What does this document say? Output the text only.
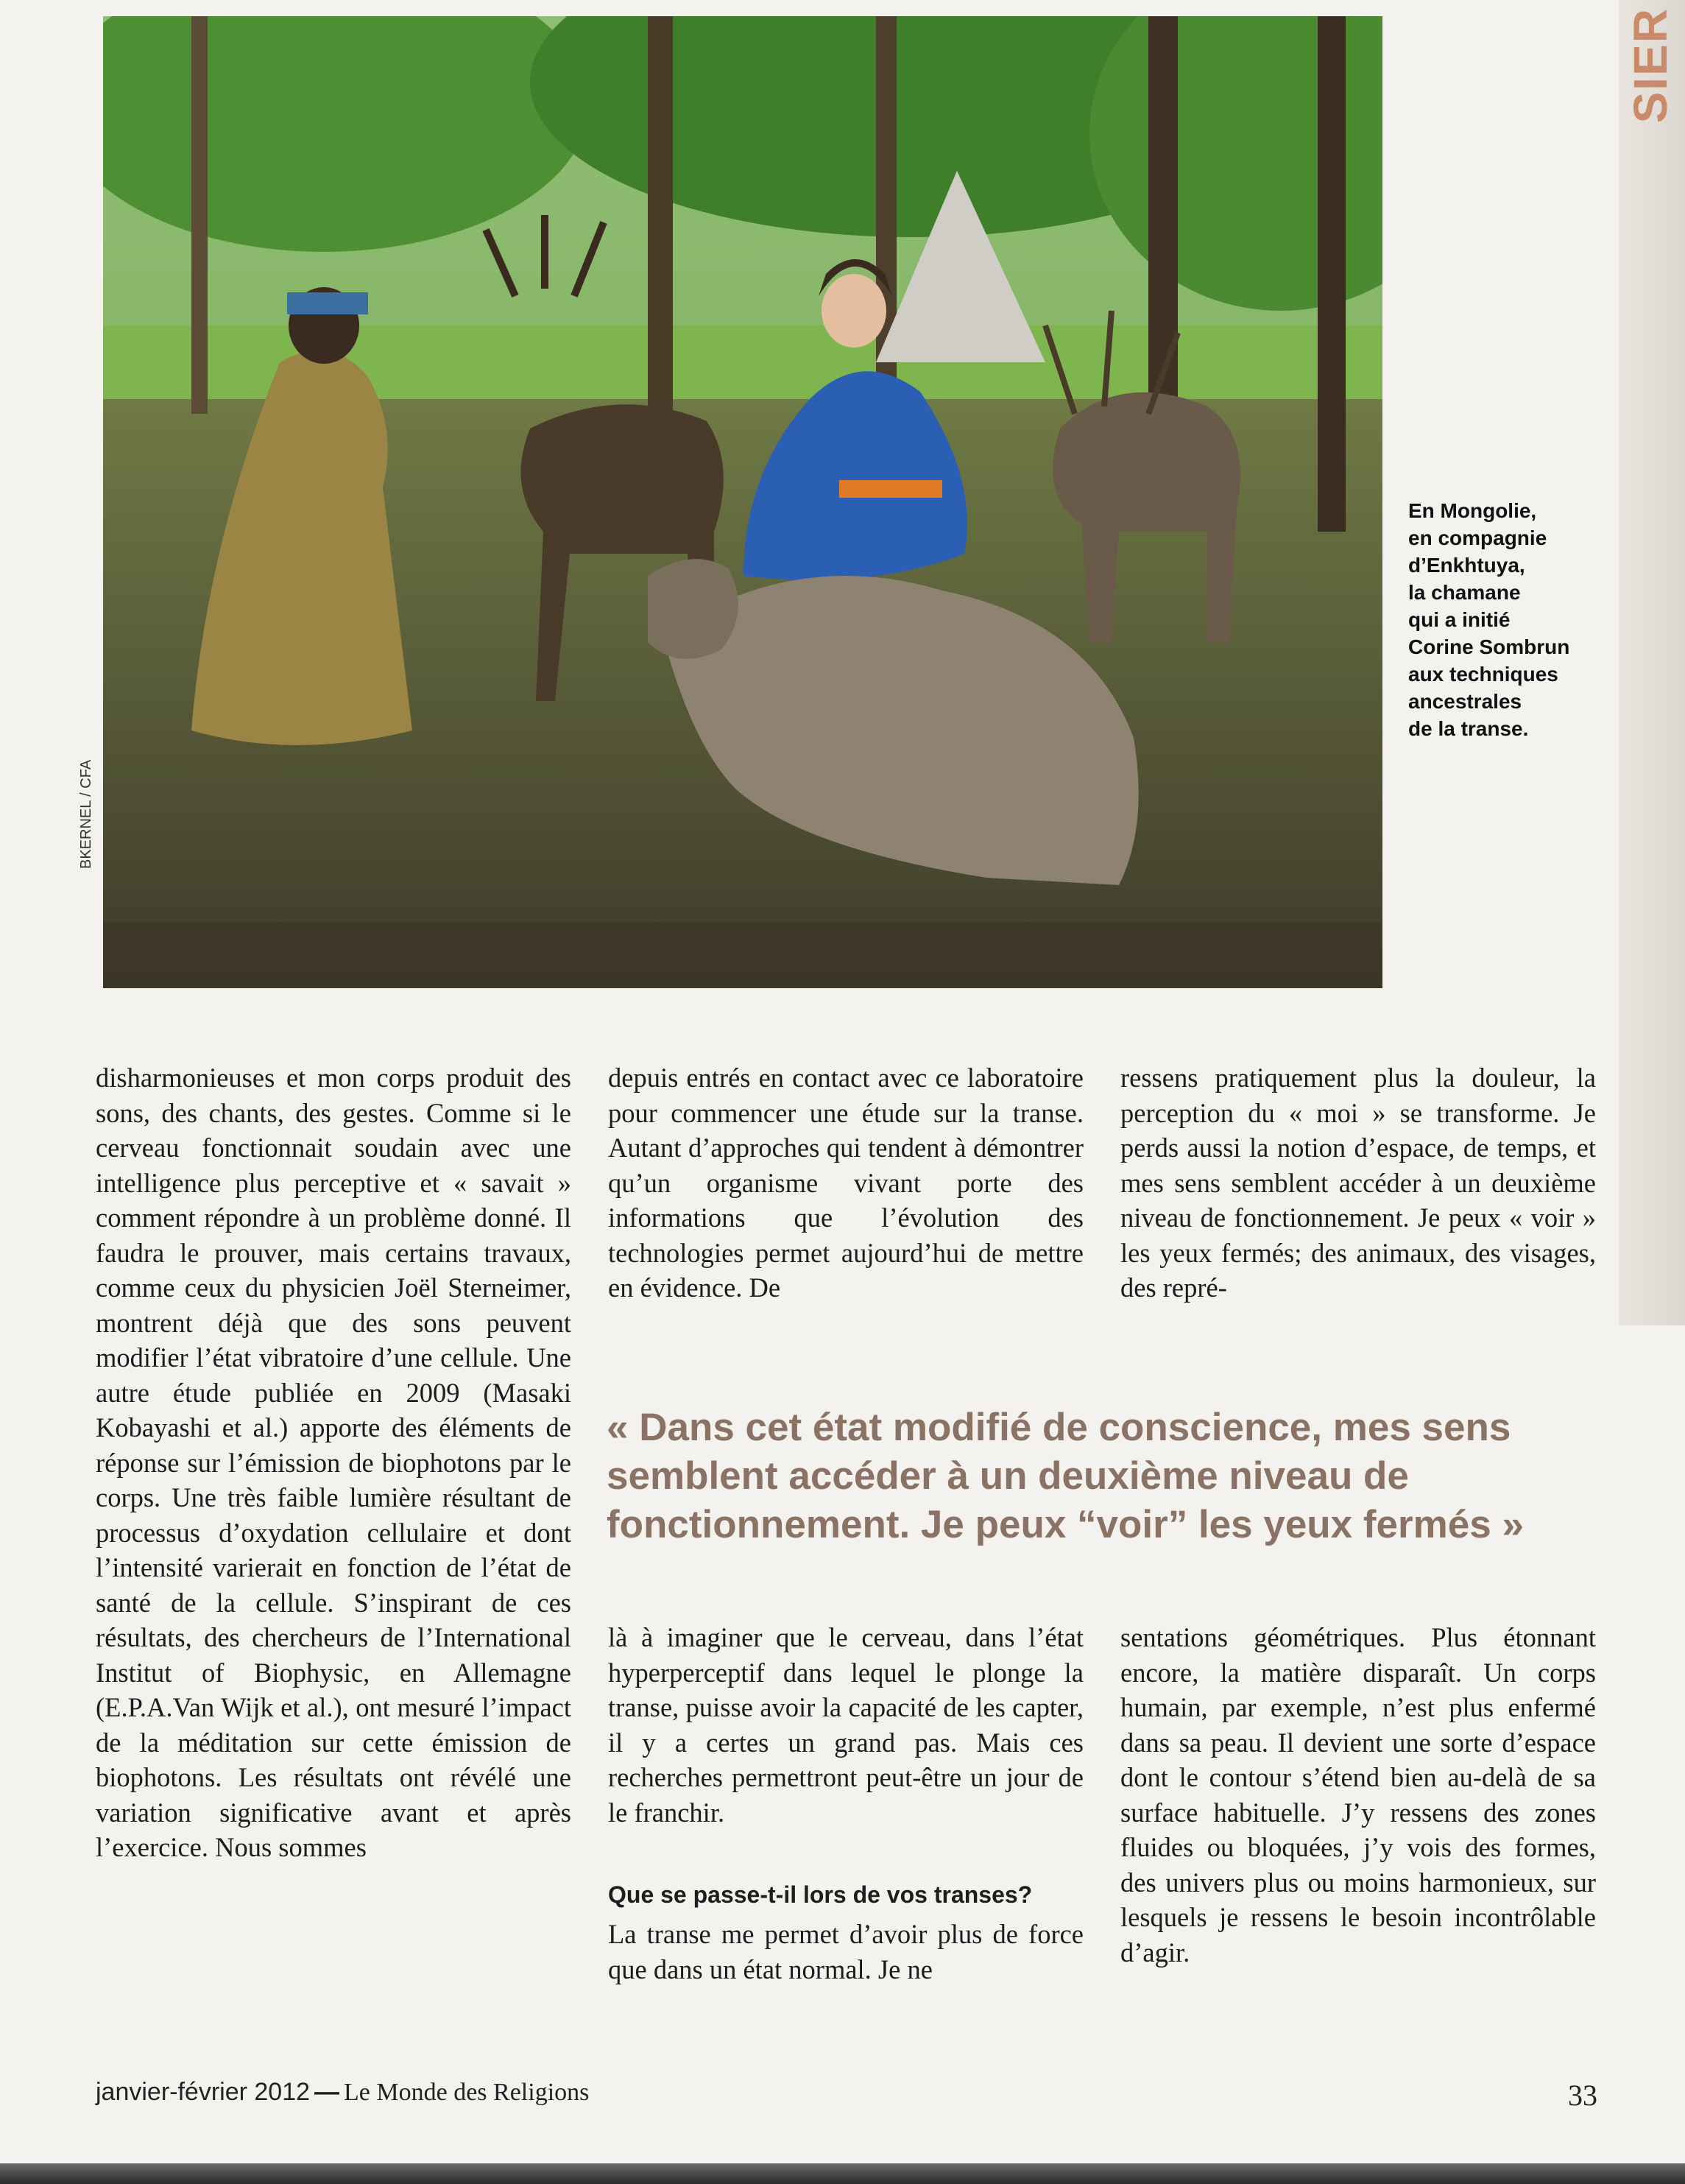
SIER
BKERNEL / CFA
En Mongolie,
en compagnie
d’Enkhtuya,
la chamane
qui a initié
Corine Sombrun
aux techniques
ancestrales
de la transe.
disharmonieuses et mon corps produit des sons, des chants, des gestes. Comme si le cerveau fonctionnait soudain avec une intelligence plus perceptive et « savait » comment répondre à un problème donné. Il faudra le prouver, mais certains travaux, comme ceux du physicien Joël Sterneimer, montrent déjà que des sons peuvent modifier l’état vibratoire d’une cellule. Une autre étude publiée en 2009 (Masaki Kobayashi et al.) apporte des éléments de réponse sur l’émission de biophotons par le corps. Une très faible lumière résultant de processus d’oxydation cellulaire et dont l’intensité varierait en fonction de l’état de santé de la cellule. S’inspirant de ces résultats, des chercheurs de l’International Institut of Biophysic, en Allemagne (E.P.A.Van Wijk et al.), ont mesuré l’impact de la méditation sur cette émission de biophotons. Les résultats ont révélé une variation significative avant et après l’exercice. Nous sommes
depuis entrés en contact avec ce laboratoire pour commencer une étude sur la transe. Autant d’approches qui tendent à démontrer qu’un organisme vivant porte des informations que l’évolution des technologies permet aujourd’hui de mettre en évidence. De
ressens pratiquement plus la douleur, la perception du « moi » se transforme. Je perds aussi la notion d’espace, de temps, et mes sens semblent accéder à un deuxième niveau de fonctionnement. Je peux « voir » les yeux fermés; des animaux, des visages, des repré-
« Dans cet état modifié de conscience, mes sens
semblent accéder à un deuxième niveau de
fonctionnement. Je peux “voir” les yeux fermés »
là à imaginer que le cerveau, dans l’état hyperperceptif dans lequel le plonge la transe, puisse avoir la capacité de les capter, il y a certes un grand pas. Mais ces recherches permettront peut-être un jour de le franchir.
Que se passe-t-il lors de vos transes?
La transe me permet d’avoir plus de force que dans un état normal. Je ne
sentations géométriques. Plus étonnant encore, la matière disparaît. Un corps humain, par exemple, n’est plus enfermé dans sa peau. Il devient une sorte d’espace dont le contour s’étend bien au-delà de sa surface habituelle. J’y ressens des zones fluides ou bloquées, j’y vois des formes, des univers plus ou moins harmonieux, sur lesquels je ressens le besoin incontrôlable d’agir.
janvier-février 2012 — Le Monde des Religions	33
